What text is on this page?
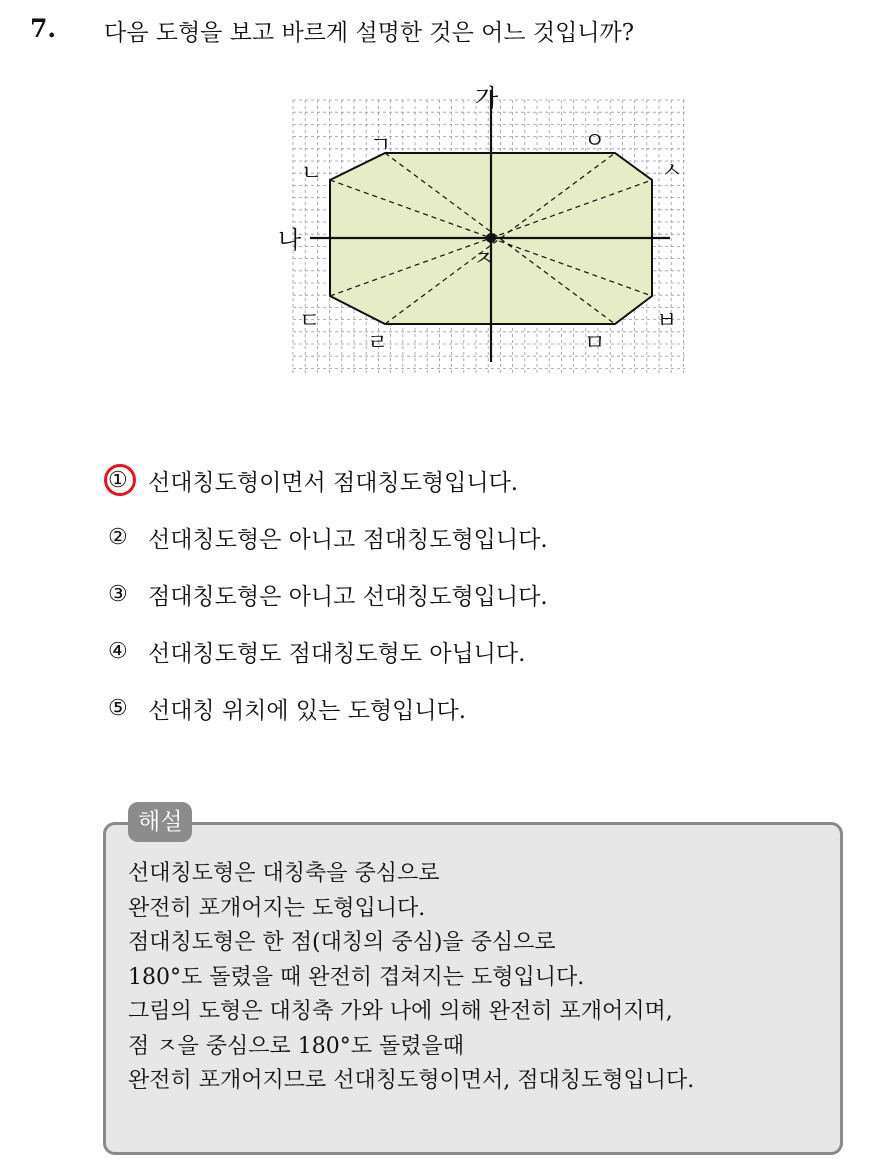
7. 다음 도형을 보고 바르게 설명한 것은 어느 것입니까?
가
나
ㄱ
ㄴ
ㄷ
ㄹ	ㅁ
ㅂ
ㅅ
ㅇ
ㅈ
① 선대칭도형이면서 점대칭도형입니다.
② 선대칭도형은 아니고 점대칭도형입니다.
③ 점대칭도형은 아니고 선대칭도형입니다.
④ 선대칭도형도 점대칭도형도 아닙니다.
⑤ 선대칭 위치에 있는 도형입니다.
해설
선대칭도형은 대칭축을 중심으로
완전히 포개어지는 도형입니다.
점대칭도형은 한 점(대칭의 중심)을 중심으로
180°도 돌렸을 때 완전히 겹쳐지는 도형입니다.
그림의 도형은 대칭축 가와 나에 의해 완전히 포개어지며,
점 ㅈ을 중심으로 180°도 돌렸을때
완전히 포개어지므로 선대칭도형이면서, 점대칭도형입니다.
